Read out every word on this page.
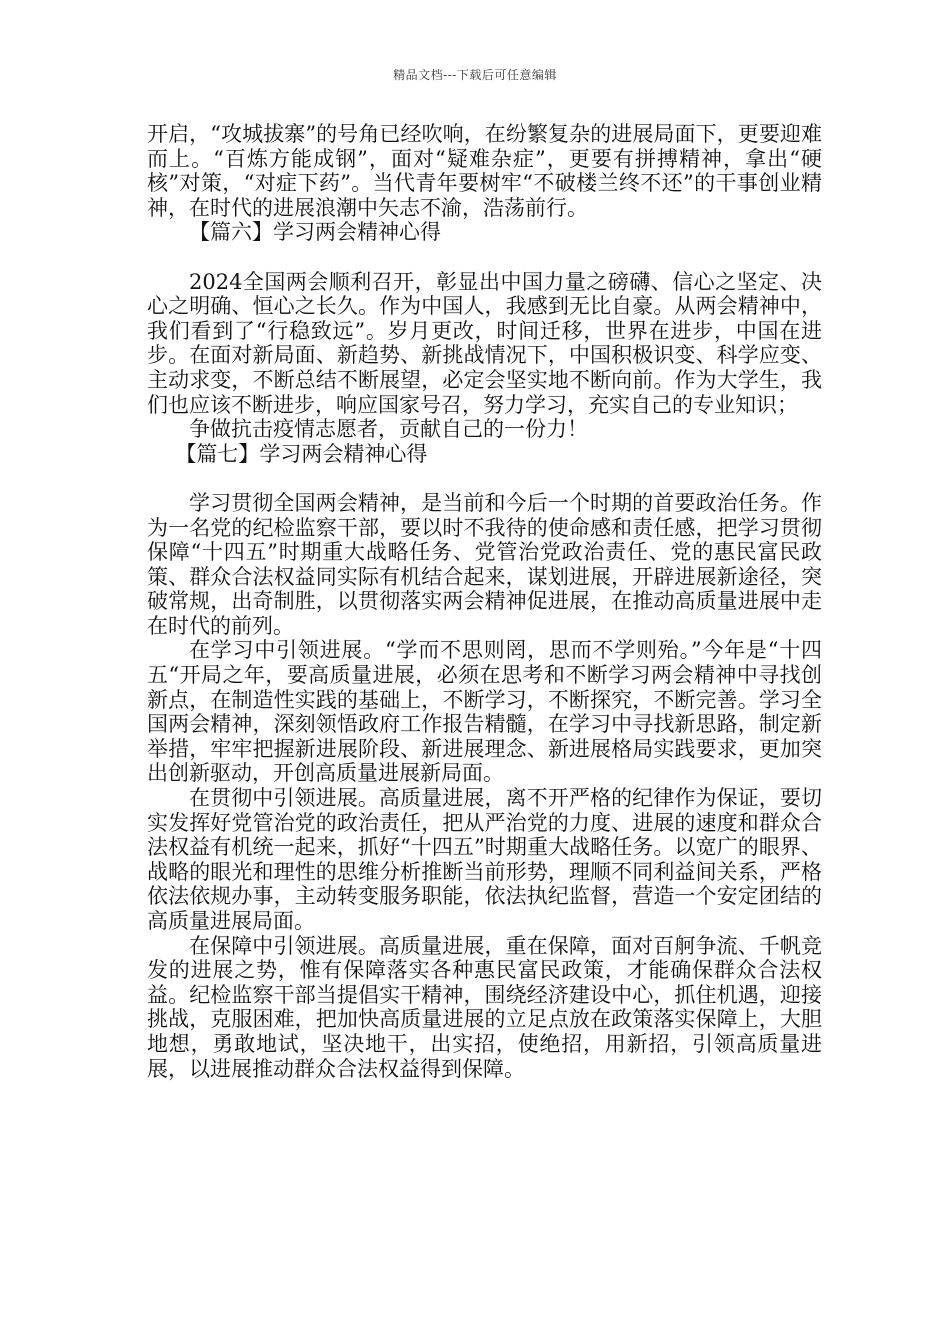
精品文档---下载后可任意编辑

开启，“攻城拔寨”的号角已经吹响，在纷繁复杂的进展局面下，更要迎难而上。“百炼方能成钢”，面对“疑难杂症”，更要有拼搏精神，拿出“硬核”对策，“对症下药”。当代青年要树牢“不破楼兰终不还”的干事创业精神，在时代的进展浪潮中矢志不渝，浩荡前行。

【篇六】学习两会精神心得

2024全国两会顺利召开，彰显出中国力量之磅礴、信心之坚定、决心之明确、恒心之长久。作为中国人，我感到无比自豪。从两会精神中，我们看到了“行稳致远”。岁月更改，时间迁移，世界在进步，中国在进步。在面对新局面、新趋势、新挑战情况下，中国积极识变、科学应变、主动求变，不断总结不断展望，必定会坚实地不断向前。作为大学生，我们也应该不断进步，响应国家号召，努力学习，充实自己的专业知识；

争做抗击疫情志愿者，贡献自己的一份力！

【篇七】学习两会精神心得

学习贯彻全国两会精神，是当前和今后一个时期的首要政治任务。作为一名党的纪检监察干部，要以时不我待的使命感和责任感，把学习贯彻保障“十四五”时期重大战略任务、党管治党政治责任、党的惠民富民政策、群众合法权益同实际有机结合起来，谋划进展，开辟进展新途径，突破常规，出奇制胜，以贯彻落实两会精神促进展，在推动高质量进展中走在时代的前列。

在学习中引领进展。“学而不思则罔，思而不学则殆。”今年是“十四五“开局之年，要高质量进展，必须在思考和不断学习两会精神中寻找创新点，在制造性实践的基础上，不断学习，不断探究，不断完善。学习全国两会精神，深刻领悟政府工作报告精髓，在学习中寻找新思路，制定新举措，牢牢把握新进展阶段、新进展理念、新进展格局实践要求，更加突出创新驱动，开创高质量进展新局面。

在贯彻中引领进展。高质量进展，离不开严格的纪律作为保证，要切实发挥好党管治党的政治责任，把从严治党的力度、进展的速度和群众合法权益有机统一起来，抓好“十四五”时期重大战略任务。以宽广的眼界、战略的眼光和理性的思维分析推断当前形势，理顺不同利益间关系，严格依法依规办事，主动转变服务职能，依法执纪监督，营造一个安定团结的高质量进展局面。

在保障中引领进展。高质量进展，重在保障，面对百舸争流、千帆竞发的进展之势，惟有保障落实各种惠民富民政策，才能确保群众合法权益。纪检监察干部当提倡实干精神，围绕经济建设中心，抓住机遇，迎接挑战，克服困难，把加快高质量进展的立足点放在政策落实保障上，大胆地想，勇敢地试，坚决地干，出实招，使绝招，用新招，引领高质量进展，以进展推动群众合法权益得到保障。
